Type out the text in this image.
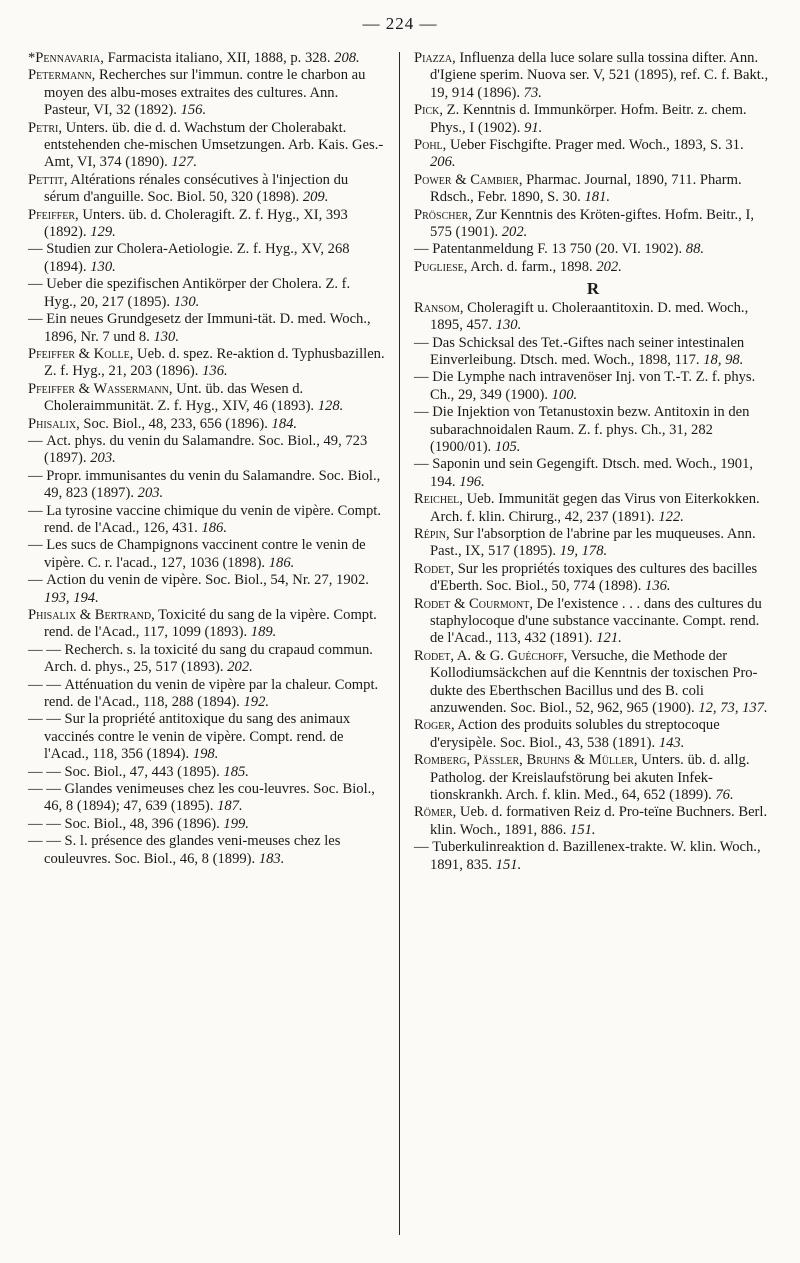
— 224 —

*Pennavaria, Farmacista italiano, XII, 1888, p. 328. 208.

Petermann, Recherches sur l'immun. contre le charbon au moyen des albu-moses extraites des cultures. Ann. Pasteur, VI, 32 (1892). 156.

Petri, Unters. üb. die d. d. Wachstum der Cholerabakt. entstehenden che-mischen Umsetzungen. Arb. Kais. Ges.-Amt, VI, 374 (1890). 127.

Pettit, Altérations rénales consécutives à l'injection du sérum d'anguille. Soc. Biol. 50, 320 (1898). 209.

Pfeiffer, Unters. üb. d. Choleragift. Z. f. Hyg., XI, 393 (1892). 129.

— Studien zur Cholera-Aetiologie. Z. f. Hyg., XV, 268 (1894). 130.

— Ueber die spezifischen Antikörper der Cholera. Z. f. Hyg., 20, 217 (1895). 130.

— Ein neues Grundgesetz der Immuni-tät. D. med. Woch., 1896, Nr. 7 und 8. 130.

Pfeiffer & Kolle, Ueb. d. spez. Re-aktion d. Typhusbazillen. Z. f. Hyg., 21, 203 (1896). 136.

Pfeiffer & Wassermann, Unt. üb. das Wesen d. Choleraimmunität. Z. f. Hyg., XIV, 46 (1893). 128.

Phisalix, Soc. Biol., 48, 233, 656 (1896). 184.

— Act. phys. du venin du Salamandre. Soc. Biol., 49, 723 (1897). 203.

— Propr. immunisantes du venin du Salamandre. Soc. Biol., 49, 823 (1897). 203.

— La tyrosine vaccine chimique du venin de vipère. Compt. rend. de l'Acad., 126, 431. 186.

— Les sucs de Champignons vaccinent contre le venin de vipère. C. r. l'acad., 127, 1036 (1898). 186.

— Action du venin de vipère. Soc. Biol., 54, Nr. 27, 1902. 193, 194.

Phisalix & Bertrand, Toxicité du sang de la vipère. Compt. rend. de l'Acad., 117, 1099 (1893). 189.

— — Recherch. s. la toxicité du sang du crapaud commun. Arch. d. phys., 25, 517 (1893). 202.

— — Atténuation du venin de vipère par la chaleur. Compt. rend. de l'Acad., 118, 288 (1894). 192.

— — Sur la propriété antitoxique du sang des animaux vaccinés contre le venin de vipère. Compt. rend. de l'Acad., 118, 356 (1894). 198.

— — Soc. Biol., 47, 443 (1895). 185.

— — Glandes venimeuses chez les cou-leuvres. Soc. Biol., 46, 8 (1894); 47, 639 (1895). 187.

— — Soc. Biol., 48, 396 (1896). 199.

— — S. l. présence des glandes veni-meuses chez les couleuvres. Soc. Biol., 46, 8 (1899). 183.

Piazza, Influenza della luce solare sulla tossina difter. Ann. d'Igiene sperim. Nuova ser. V, 521 (1895), ref. C. f. Bakt., 19, 914 (1896). 73.

Pick, Z. Kenntnis d. Immunkörper. Hofm. Beitr. z. chem. Phys., I (1902). 91.

Pohl, Ueber Fischgifte. Prager med. Woch., 1893, S. 31. 206.

Power & Cambier, Pharmac. Journal, 1890, 711. Pharm. Rdsch., Febr. 1890, S. 30. 181.

Pröscher, Zur Kenntnis des Kröten-giftes. Hofm. Beitr., I, 575 (1901). 202.

— Patentanmeldung F. 13 750 (20. VI. 1902). 88.

Pugliese, Arch. d. farm., 1898. 202.

R

Ransom, Choleragift u. Choleraantitoxin. D. med. Woch., 1895, 457. 130.

— Das Schicksal des Tet.-Giftes nach seiner intestinalen Einverleibung. Dtsch. med. Woch., 1898, 117. 18, 98.

— Die Lymphe nach intravenöser Inj. von T.-T. Z. f. phys. Ch., 29, 349 (1900). 100.

— Die Injektion von Tetanustoxin bezw. Antitoxin in den subarachnoidalen Raum. Z. f. phys. Ch., 31, 282 (1900/01). 105.

— Saponin und sein Gegengift. Dtsch. med. Woch., 1901, 194. 196.

Reichel, Ueb. Immunität gegen das Virus von Eiterkokken. Arch. f. klin. Chirurg., 42, 237 (1891). 122.

Répin, Sur l'absorption de l'abrine par les muqueuses. Ann. Past., IX, 517 (1895). 19, 178.

Rodet, Sur les propriétés toxiques des cultures des bacilles d'Eberth. Soc. Biol., 50, 774 (1898). 136.

Rodet & Courmont, De l'existence . . . dans des cultures du staphylocoque d'une substance vaccinante. Compt. rend. de l'Acad., 113, 432 (1891). 121.

Rodet, A. & G. Guéchoff, Versuche, die Methode der Kollodiumsäckchen auf die Kenntnis der toxischen Pro-dukte des Eberthschen Bacillus und des B. coli anzuwenden. Soc. Biol., 52, 962, 965 (1900). 12, 73, 137.

Roger, Action des produits solubles du streptocoque d'erysipèle. Soc. Biol., 43, 538 (1891). 143.

Romberg, Pässler, Bruhns & Müller, Unters. üb. d. allg. Patholog. der Kreislaufstörung bei akuten Infek-tionskrankh. Arch. f. klin. Med., 64, 652 (1899). 76.

Römer, Ueb. d. formativen Reiz d. Pro-teïne Buchners. Berl. klin. Woch., 1891, 886. 151.

— Tuberkulinreaktion d. Bazillenex-trakte. W. klin. Woch., 1891, 835. 151.
